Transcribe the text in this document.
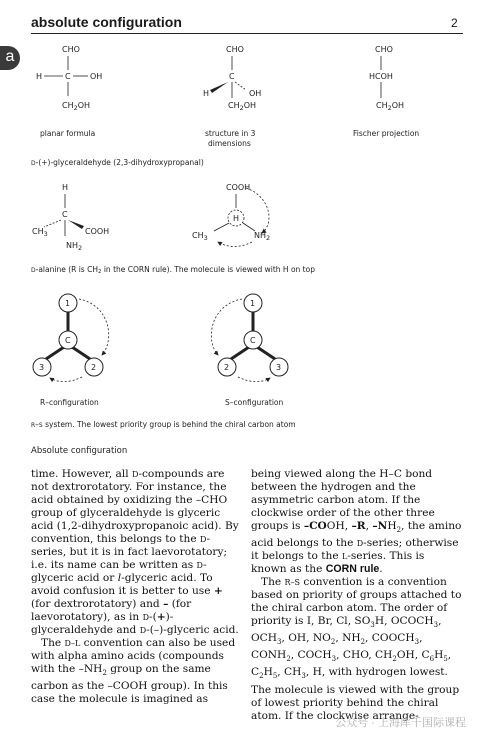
absolute configuration	2
a	CHO
H	C OH
$CH_2OH$
CHO
C
H	OH
$CH_2OH$
CHO
HCOH
$CH_2OH$
planar formula	structure in 3
dimensions
Fischer projection
D-(+)-glyceraldehyde (2,3-dihydroxypropanal)
H
C
$CH_3$	COOH
$NH_2$
COOH
H
$CH_3$	$NH_2$
D-alanine (R is CH2 in the CORN rule). The molecule is viewed with H on top
1
C
3	2
1
C
2	3
R–configuration	S–configuration
R–S system. The lowest priority group is behind the chiral carbon atom
Absolute configuration

time. However, all D-compounds are not dextrorotatory. For instance, the acid obtained by oxidizing the –CHO group of glyceraldehyde is glyceric acid (1,2-dihydroxypropanoic acid). By convention, this belongs to the D-series, but it is in fact laevorotatory; i.e. its name can be written as D-glyceric acid or l-glyceric acid. To avoid confusion it is better to use + (for dextrorotatory) and – (for laevorotatory), as in D-(+)-glyceraldehyde and D-(–)-glyceric acid.

The D–L convention can also be used with alpha amino acids (compounds with the $-NH_2$ group on the same carbon as the –COOH group). In this case the molecule is imagined as

being viewed along the H–C bond between the hydrogen and the asymmetric carbon atom. If the clockwise order of the other three groups is –COOH, –R, $-NH_2$, the amino acid belongs to the D-series; otherwise it belongs to the L-series. This is known as the CORN rule.

The R–S convention is a convention based on priority of groups attached to the chiral carbon atom. The order of priority is I, Br, Cl, $SO_3H$, $OCOCH_3$, $OCH_3$, OH, $NO_2$, $NH_2$, $COOCH_3$, $CONH_2$, $COCH_3$, CHO, $CH_2OH$, $C_6H_5$, $C_2H_5$, $CH_3$, H, with hydrogen lowest. The molecule is viewed with the group of lowest priority behind the chiral atom. If the clockwise arrange-

公众号 · 上海库千国际课程
